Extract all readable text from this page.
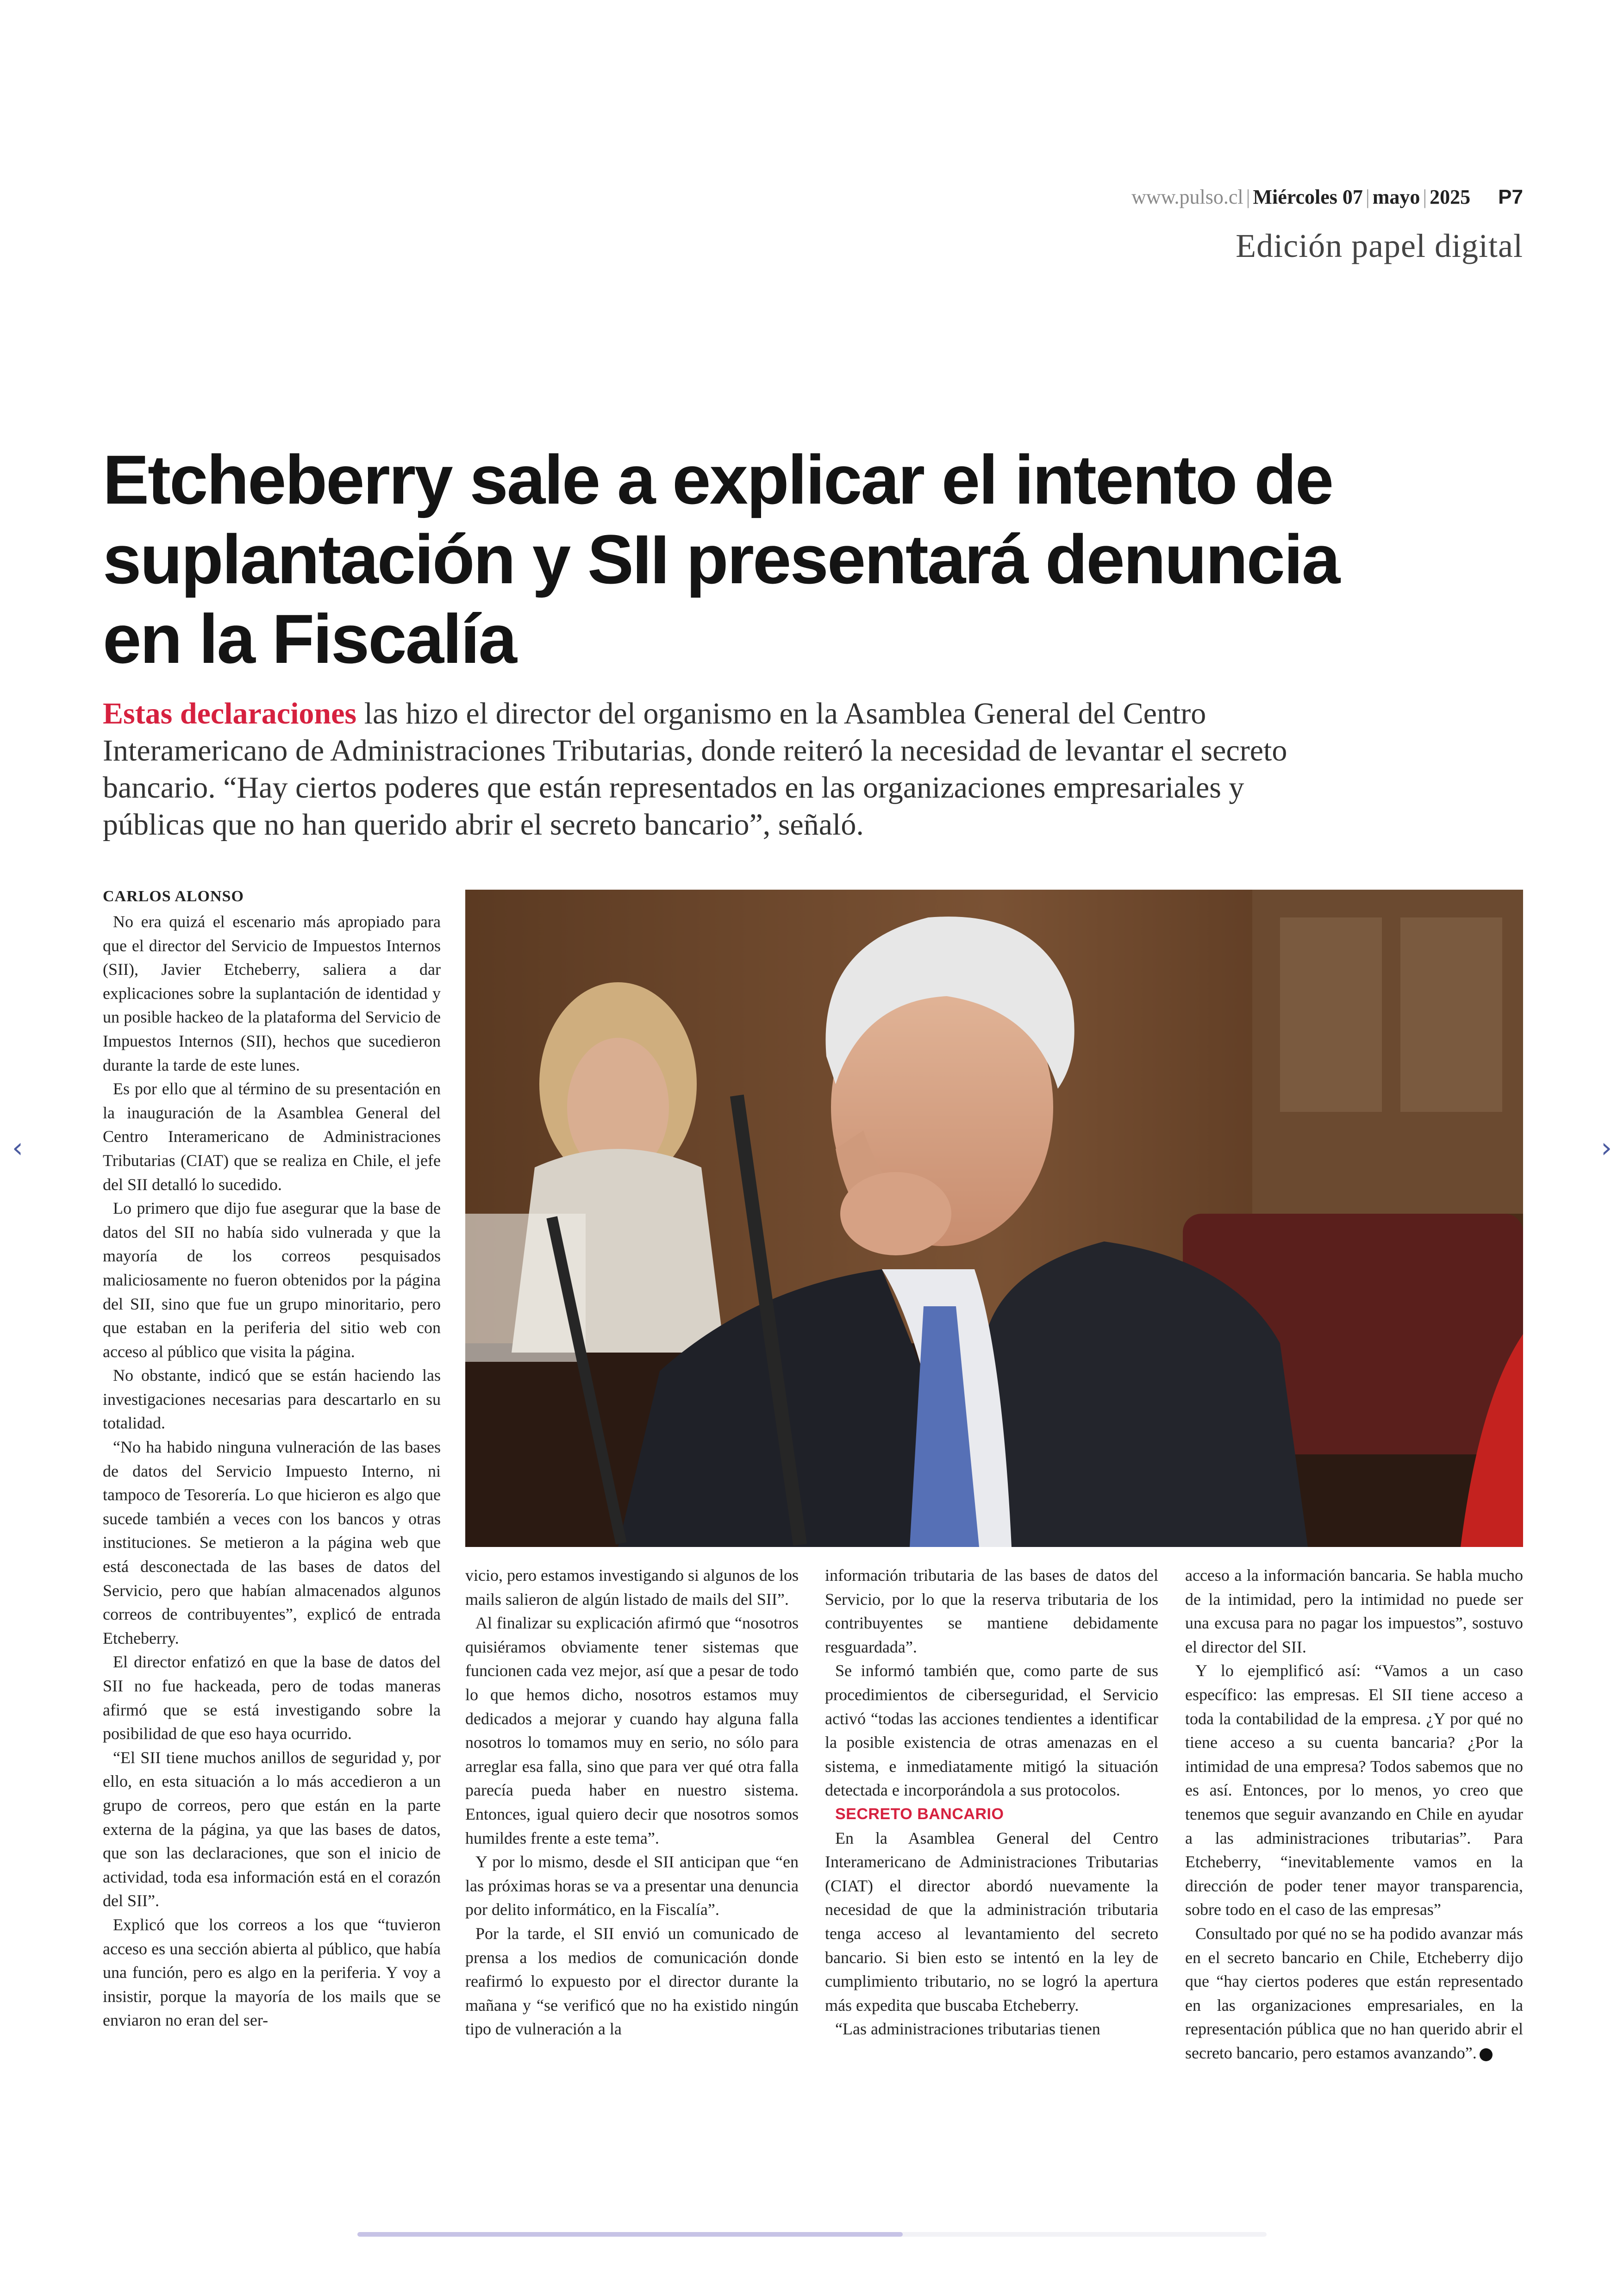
www.pulso.cl | Miércoles 07 | mayo | 2025 P7
Edición papel digital
Etcheberry sale a explicar el intento de suplantación y SII presentará denuncia en la Fiscalía

Estas declaraciones las hizo el director del organismo en la Asamblea General del Centro Interamericano de Administraciones Tributarias, donde reiteró la necesidad de levantar el secreto bancario. “Hay ciertos poderes que están representados en las organizaciones empresariales y públicas que no han querido abrir el secreto bancario”, señaló.

CARLOS ALONSO

No era quizá el escenario más apropiado para que el director del Servicio de Impuestos Internos (SII), Javier Etcheberry, saliera a dar explicaciones sobre la suplantación de identidad y un posible hackeo de la plataforma del Servicio de Impuestos Internos (SII), hechos que sucedieron durante la tarde de este lunes.

Es por ello que al término de su presentación en la inauguración de la Asamblea General del Centro Interamericano de Administraciones Tributarias (CIAT) que se realiza en Chile, el jefe del SII detalló lo sucedido.

Lo primero que dijo fue asegurar que la base de datos del SII no había sido vulnerada y que la mayoría de los correos pesquisados maliciosamente no fueron obtenidos por la página del SII, sino que fue un grupo minoritario, pero que estaban en la periferia del sitio web con acceso al público que visita la página.

No obstante, indicó que se están haciendo las investigaciones necesarias para descartarlo en su totalidad.

“No ha habido ninguna vulneración de las bases de datos del Servicio Impuesto Interno, ni tampoco de Tesorería. Lo que hicieron es algo que sucede también a veces con los bancos y otras instituciones. Se metieron a la página web que está desconectada de las bases de datos del Servicio, pero que habían almacenados algunos correos de contribuyentes”, explicó de entrada Etcheberry.

El director enfatizó en que la base de datos del SII no fue hackeada, pero de todas maneras afirmó que se está investigando sobre la posibilidad de que eso haya ocurrido.

“El SII tiene muchos anillos de seguridad y, por ello, en esta situación a lo más accedieron a un grupo de correos, pero que están en la parte externa de la página, ya que las bases de datos, que son las declaraciones, que son el inicio de actividad, toda esa información está en el corazón del SII”.

Explicó que los correos a los que “tuvieron acceso es una sección abierta al público, que había una función, pero es algo en la periferia. Y voy a insistir, porque la mayoría de los mails que se enviaron no eran del ser-

vicio, pero estamos investigando si algunos de los mails salieron de algún listado de mails del SII”.

Al finalizar su explicación afirmó que “nosotros quisiéramos obviamente tener sistemas que funcionen cada vez mejor, así que a pesar de todo lo que hemos dicho, nosotros estamos muy dedicados a mejorar y cuando hay alguna falla nosotros lo tomamos muy en serio, no sólo para arreglar esa falla, sino que para ver qué otra falla parecía pueda haber en nuestro sistema. Entonces, igual quiero decir que nosotros somos humildes frente a este tema”.

Y por lo mismo, desde el SII anticipan que “en las próximas horas se va a presentar una denuncia por delito informático, en la Fiscalía”.

Por la tarde, el SII envió un comunicado de prensa a los medios de comunicación donde reafirmó lo expuesto por el director durante la mañana y “se verificó que no ha existido ningún tipo de vulneración a la

información tributaria de las bases de datos del Servicio, por lo que la reserva tributaria de los contribuyentes se mantiene debidamente resguardada”.

Se informó también que, como parte de sus procedimientos de ciberseguridad, el Servicio activó “todas las acciones tendientes a identificar la posible existencia de otras amenazas en el sistema, e inmediatamente mitigó la situación detectada e incorporándola a sus protocolos.

SECRETO BANCARIO

En la Asamblea General del Centro Interamericano de Administraciones Tributarias (CIAT) el director abordó nuevamente la necesidad de que la administración tributaria tenga acceso al levantamiento del secreto bancario. Si bien esto se intentó en la ley de cumplimiento tributario, no se logró la apertura más expedita que buscaba Etcheberry.

“Las administraciones tributarias tienen

acceso a la información bancaria. Se habla mucho de la intimidad, pero la intimidad no puede ser una excusa para no pagar los impuestos”, sostuvo el director del SII.

Y lo ejemplificó así: “Vamos a un caso específico: las empresas. El SII tiene acceso a toda la contabilidad de la empresa. ¿Y por qué no tiene acceso a su cuenta bancaria? ¿Por la intimidad de una empresa? Todos sabemos que no es así. Entonces, por lo menos, yo creo que tenemos que seguir avanzando en Chile en ayudar a las administraciones tributarias”. Para Etcheberry, “inevitablemente vamos en la dirección de poder tener mayor transparencia, sobre todo en el caso de las empresas”

Consultado por qué no se ha podido avanzar más en el secreto bancario en Chile, Etcheberry dijo que “hay ciertos poderes que están representado en las organizaciones empresariales, en la representación pública que no han querido abrir el secreto bancario, pero estamos avanzando”.

‹	›
